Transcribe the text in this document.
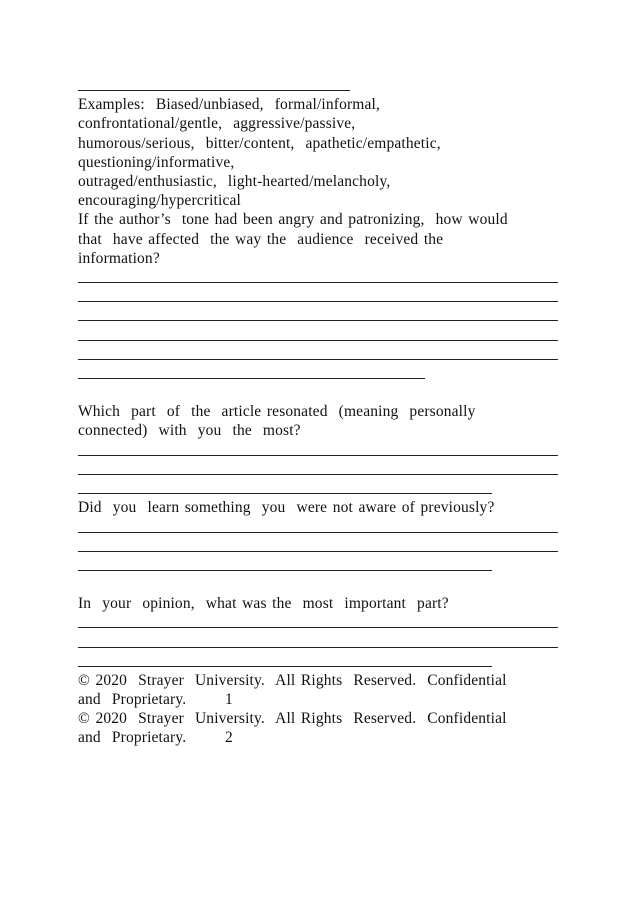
Examples:  Biased/unbiased,  formal/informal,
confrontational/gentle,  aggressive/passive,
humorous/serious,  bitter/content,  apathetic/empathetic,
questioning/informative,
outraged/enthusiastic,  light-hearted/melancholy,
encouraging/hypercritical
If the author’s  tone had been angry and patronizing,  how would
that  have affected  the way the  audience  received the
information?
Which  part  of  the  article resonated  (meaning  personally
connected)  with  you  the  most?
Did  you  learn something  you  were not aware of previously?
In  your  opinion,  what was the  most  important  part?
© 2020  Strayer  University.  All Rights  Reserved.  Confidential
and  Proprietary.       1
© 2020  Strayer  University.  All Rights  Reserved.  Confidential
and  Proprietary.       2
